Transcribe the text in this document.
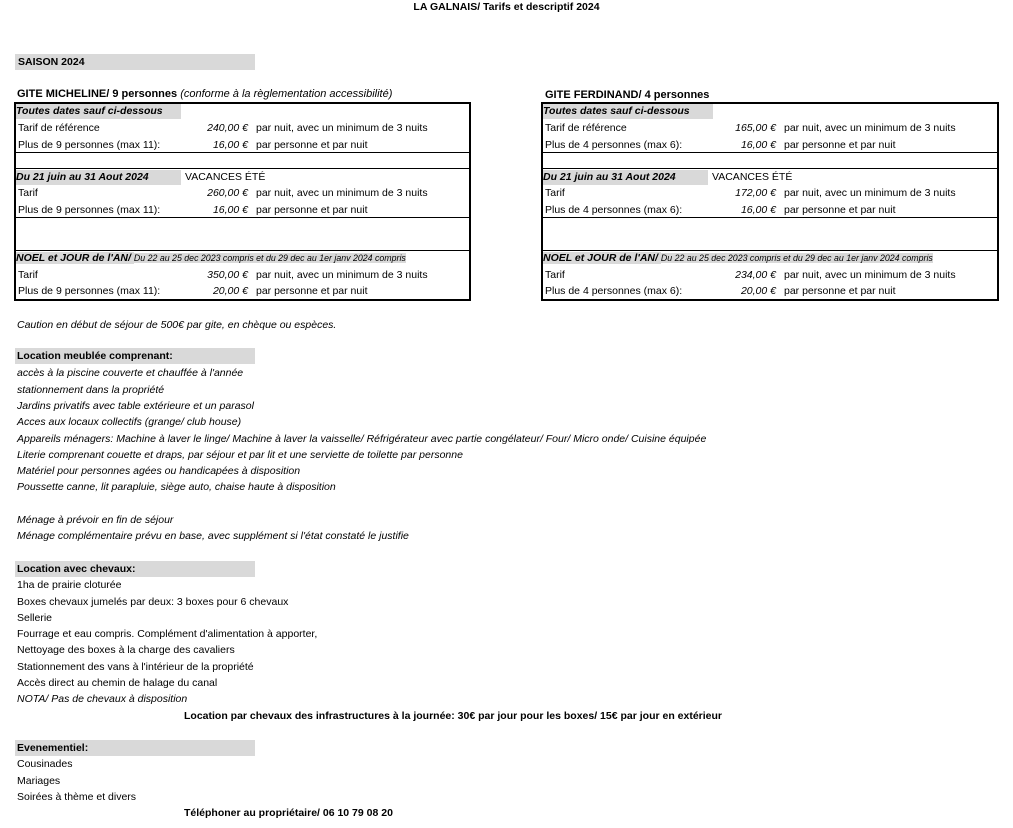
LA GALNAIS/ Tarifs et descriptif 2024
SAISON 2024
GITE MICHELINE/ 9 personnes (conforme à la règlementation accessibilité)
Toutes dates sauf ci-dessous
Tarif de référence	240,00 € par nuit, avec un minimum de 3 nuits
Plus de 9 personnes (max 11):	16,00 € par personne et par nuit
Du 21 juin au 31 Aout 2024	VACANCES ÉTÉ
Tarif	260,00 € par nuit, avec un minimum de 3 nuits
Plus de 9 personnes (max 11):	16,00 € par personne et par nuit
NOEL et JOUR de l'AN/ Du 22 au 25 dec 2023 compris et du 29 dec au 1er janv 2024 compris
Tarif	350,00 € par nuit, avec un minimum de 3 nuits
Plus de 9 personnes (max 11):	20,00 € par personne et par nuit
GITE FERDINAND/ 4 personnes
Toutes dates sauf ci-dessous
Tarif de référence	165,00 € par nuit, avec un minimum de 3 nuits
Plus de 4 personnes (max 6):	16,00 € par personne et par nuit
Du 21 juin au 31 Aout 2024	VACANCES ÉTÉ
Tarif	172,00 € par nuit, avec un minimum de 3 nuits
Plus de 4 personnes (max 6):	16,00 € par personne et par nuit
NOEL et JOUR de l'AN/ Du 22 au 25 dec 2023 compris et du 29 dec au 1er janv 2024 compris
Tarif	234,00 € par nuit, avec un minimum de 3 nuits
Plus de 4 personnes (max 6):	20,00 € par personne et par nuit
Caution en début de séjour de 500€ par gite, en chèque ou espèces.
Location meublée comprenant:
accès à la piscine couverte et chauffée à l'année
stationnement dans la propriété
Jardins privatifs avec table extérieure et un parasol
Acces aux locaux collectifs (grange/ club house)
Appareils ménagers: Machine à laver le linge/ Machine à laver la vaisselle/ Réfrigérateur avec partie congélateur/ Four/ Micro onde/ Cuisine équipée
Literie comprenant couette et draps, par séjour et par lit et une serviette de toilette par personne
Matériel pour personnes agées ou handicapées à disposition
Poussette canne, lit parapluie, siège auto, chaise haute à disposition
Ménage à prévoir en fin de séjour
Ménage complémentaire prévu en base, avec supplément si l'état constaté le justifie
Location avec chevaux:
1ha de prairie cloturée
Boxes chevaux jumelés par deux: 3 boxes pour 6 chevaux
Sellerie
Fourrage et eau compris. Complément d'alimentation à apporter,
Nettoyage des boxes à la charge des cavaliers
Stationnement des vans à l'intérieur de la propriété
Accès direct au chemin de halage du canal
NOTA/ Pas de chevaux à disposition
Location par chevaux des infrastructures à la journée: 30€ par jour pour les boxes/ 15€ par jour en extérieur
Evenementiel:
Cousinades
Mariages
Soirées à thème et divers
Téléphoner au propriétaire/ 06 10 79 08 20
